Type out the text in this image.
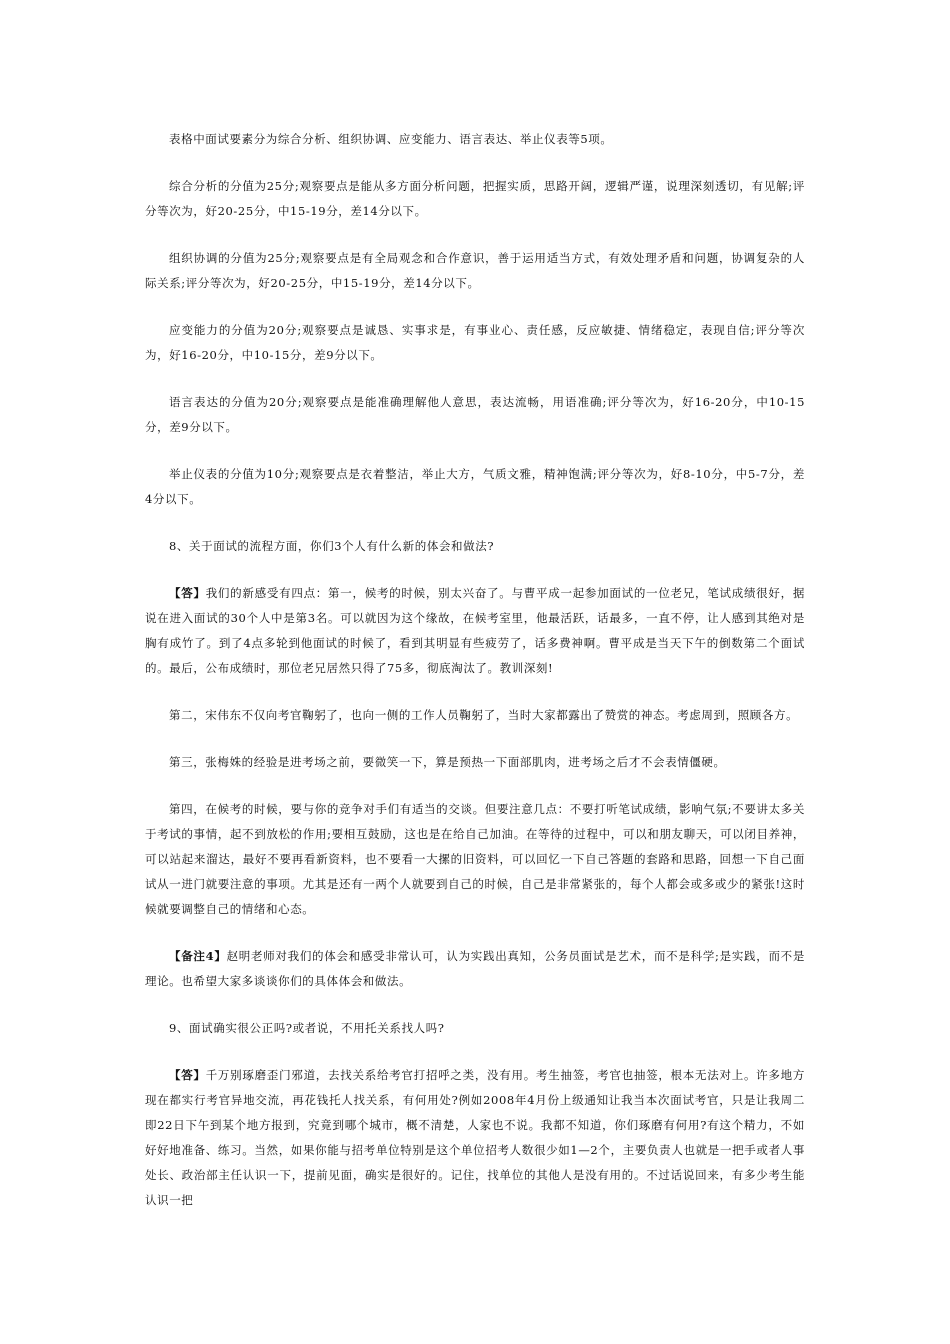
表格中面试要素分为综合分析、组织协调、应变能力、语言表达、举止仪表等5项。

综合分析的分值为25分;观察要点是能从多方面分析问题，把握实质，思路开阔，逻辑严谨，说理深刻透切，有见解;评分等次为，好20-25分，中15-19分，差14分以下。

组织协调的分值为25分;观察要点是有全局观念和合作意识，善于运用适当方式，有效处理矛盾和问题，协调复杂的人际关系;评分等次为，好20-25分，中15-19分，差14分以下。

应变能力的分值为20分;观察要点是诚恳、实事求是，有事业心、责任感，反应敏捷、情绪稳定，表现自信;评分等次为，好16-20分，中10-15分，差9分以下。

语言表达的分值为20分;观察要点是能准确理解他人意思，表达流畅，用语准确;评分等次为，好16-20分，中10-15分，差9分以下。

举止仪表的分值为10分;观察要点是衣着整洁，举止大方，气质文雅，精神饱满;评分等次为，好8-10分，中5-7分，差4分以下。

8、关于面试的流程方面，你们3个人有什么新的体会和做法?

【答】我们的新感受有四点：第一，候考的时候，别太兴奋了。与曹平成一起参加面试的一位老兄，笔试成绩很好，据说在进入面试的30个人中是第3名。可以就因为这个缘故，在候考室里，他最活跃，话最多，一直不停，让人感到其绝对是胸有成竹了。到了4点多轮到他面试的时候了，看到其明显有些疲劳了，话多费神啊。曹平成是当天下午的倒数第二个面试的。最后，公布成绩时，那位老兄居然只得了75多，彻底淘汰了。教训深刻!

第二，宋伟东不仅向考官鞠躬了，也向一侧的工作人员鞠躬了，当时大家都露出了赞赏的神态。考虑周到，照顾各方。

第三，张梅姝的经验是进考场之前，要微笑一下，算是预热一下面部肌肉，进考场之后才不会表情僵硬。

第四，在候考的时候，要与你的竞争对手们有适当的交谈。但要注意几点：不要打听笔试成绩，影响气氛;不要讲太多关于考试的事情，起不到放松的作用;要相互鼓励，这也是在给自己加油。在等待的过程中，可以和朋友聊天，可以闭目养神，可以站起来溜达，最好不要再看新资料，也不要看一大摞的旧资料，可以回忆一下自己答题的套路和思路，回想一下自己面试从一进门就要注意的事项。尤其是还有一两个人就要到自己的时候，自己是非常紧张的，每个人都会或多或少的紧张!这时候就要调整自己的情绪和心态。

【备注4】赵明老师对我们的体会和感受非常认可，认为实践出真知，公务员面试是艺术，而不是科学;是实践，而不是理论。也希望大家多谈谈你们的具体体会和做法。

9、面试确实很公正吗?或者说，不用托关系找人吗?

【答】千万别琢磨歪门邪道，去找关系给考官打招呼之类，没有用。考生抽签，考官也抽签，根本无法对上。许多地方现在都实行考官异地交流，再花钱托人找关系，有何用处?例如2008年4月份上级通知让我当本次面试考官，只是让我周二即22日下午到某个地方报到，究竟到哪个城市，概不清楚，人家也不说。我都不知道，你们琢磨有何用?有这个精力，不如好好地准备、练习。当然，如果你能与招考单位特别是这个单位招考人数很少如1—2个，主要负责人也就是一把手或者人事处长、政治部主任认识一下，提前见面，确实是很好的。记住，找单位的其他人是没有用的。不过话说回来，有多少考生能认识一把
